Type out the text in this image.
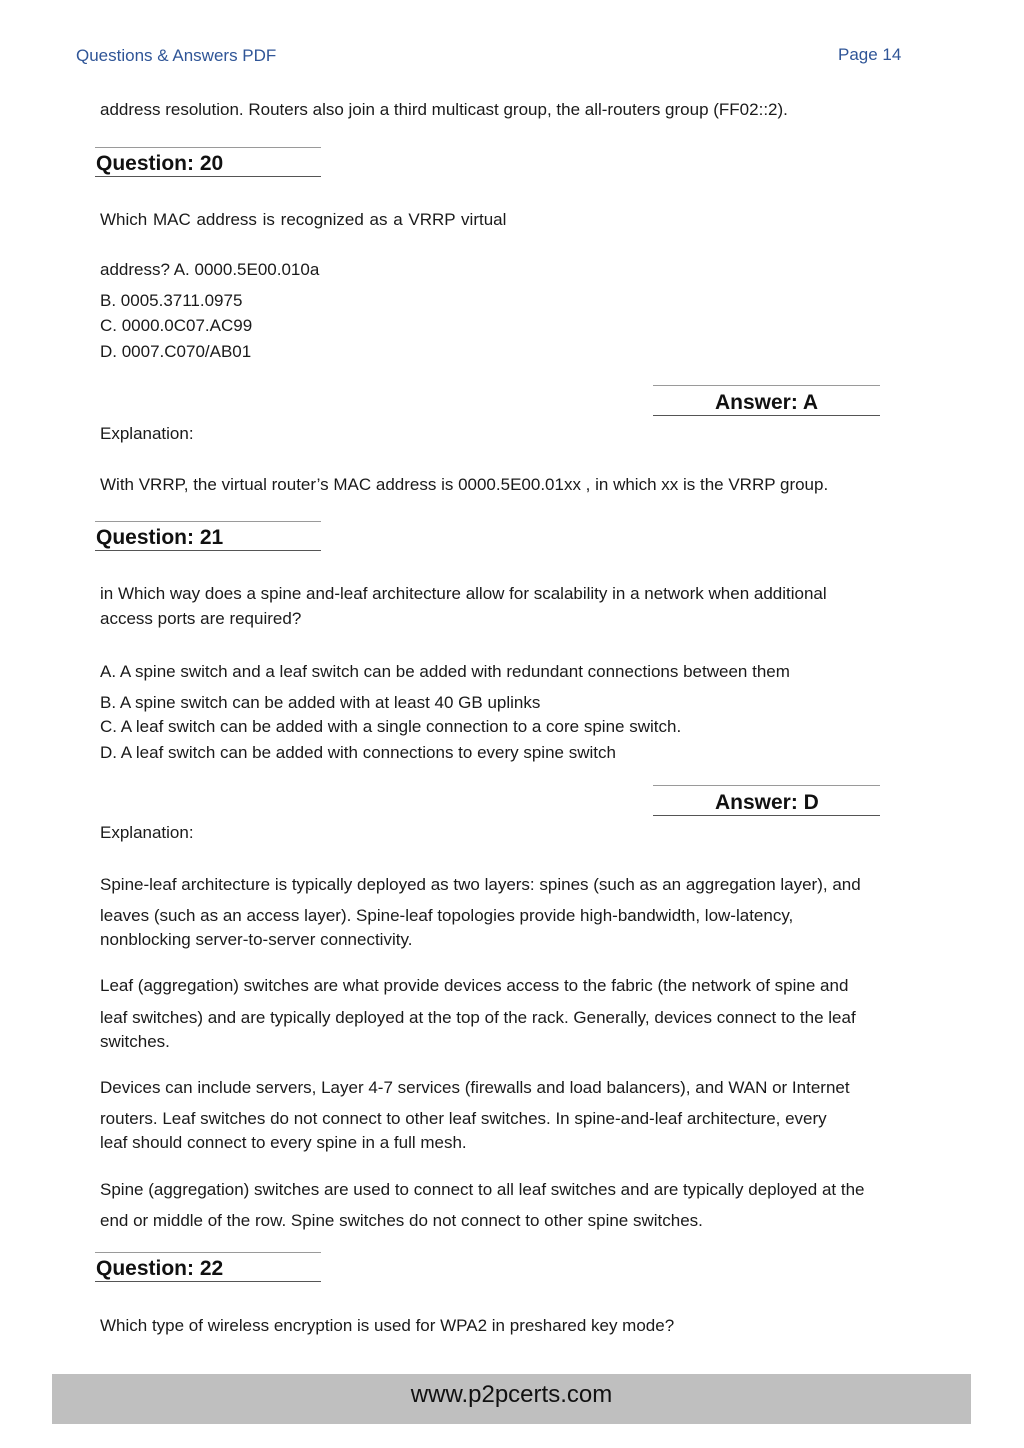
Questions & Answers PDF	Page 14
address resolution. Routers also join a third multicast group, the all-routers group (FF02::2).
Question: 20
Which MAC address is recognized as a VRRP virtual
address? A. 0000.5E00.010a
B. 0005.3711.0975
C. 0000.0C07.AC99
D. 0007.C070/AB01
Answer: A
Explanation:
With VRRP, the virtual router’s MAC address is 0000.5E00.01xx , in which xx is the VRRP group.
Question: 21
in Which way does a spine and-leaf architecture allow for scalability in a network when additional
access ports are required?
A. A spine switch and a leaf switch can be added with redundant connections between them
B. A spine switch can be added with at least 40 GB uplinks
C. A leaf switch can be added with a single connection to a core spine switch.
D. A leaf switch can be added with connections to every spine switch
Answer: D
Explanation:
Spine-leaf architecture is typically deployed as two layers: spines (such as an aggregation layer), and
leaves (such as an access layer). Spine-leaf topologies provide high-bandwidth, low-latency,
nonblocking server-to-server connectivity.
Leaf (aggregation) switches are what provide devices access to the fabric (the network of spine and
leaf switches) and are typically deployed at the top of the rack. Generally, devices connect to the leaf
switches.
Devices can include servers, Layer 4-7 services (firewalls and load balancers), and WAN or Internet
routers. Leaf switches do not connect to other leaf switches. In spine-and-leaf architecture, every
leaf should connect to every spine in a full mesh.
Spine (aggregation) switches are used to connect to all leaf switches and are typically deployed at the
end or middle of the row. Spine switches do not connect to other spine switches.
Question: 22
Which type of wireless encryption is used for WPA2 in preshared key mode?
www.p2pcerts.com
